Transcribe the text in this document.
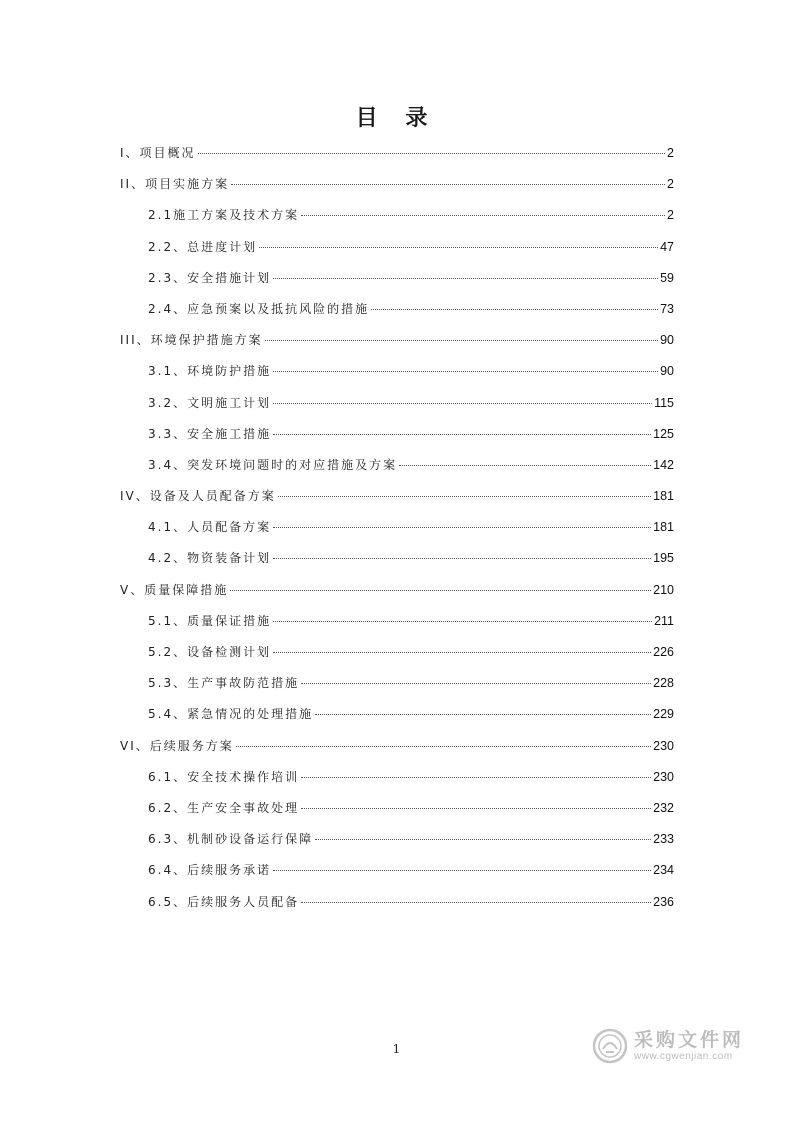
目 录
I、项目概况	2
II、项目实施方案	2
2.1施工方案及技术方案	2
2.2、总进度计划	47
2.3、安全措施计划	59
2.4、应急预案以及抵抗风险的措施	73
III、环境保护措施方案	90
3.1、环境防护措施	90
3.2、文明施工计划	115
3.3、安全施工措施	125
3.4、突发环境问题时的对应措施及方案	142
IV、设备及人员配备方案	181
4.1、人员配备方案	181
4.2、物资装备计划	195
V、质量保障措施	210
5.1、质量保证措施	211
5.2、设备检测计划	226
5.3、生产事故防范措施	228
5.4、紧急情况的处理措施	229
VI、后续服务方案	230
6.1、安全技术操作培训	230
6.2、生产安全事故处理	232
6.3、机制砂设备运行保障	233
6.4、后续服务承诺	234
6.5、后续服务人员配备	236
1	采购文件网
www.cgwenjian.com
